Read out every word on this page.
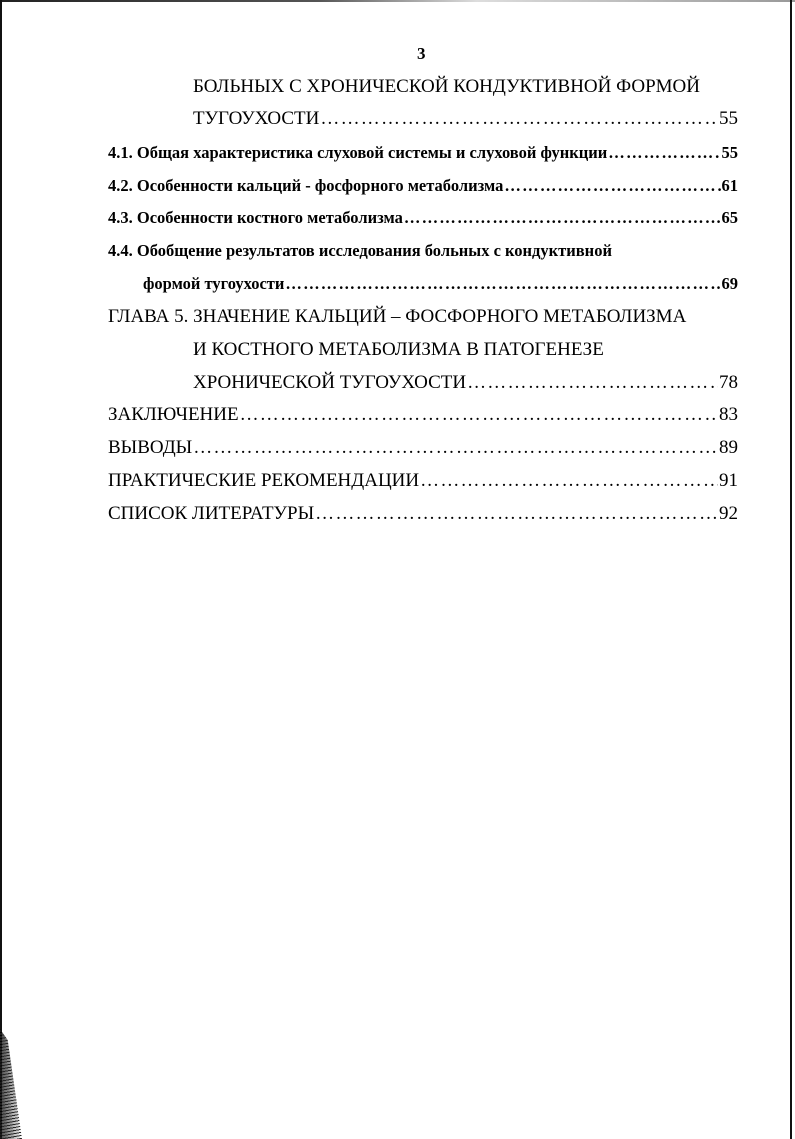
3
БОЛЬНЫХ С ХРОНИЧЕСКОЙ КОНДУКТИВНОЙ ФОРМОЙ
ТУГОУХОСТИ …………………………………………………………………………………………………………………………………………………………………………………………	55
4.1. Общая характеристика слуховой системы и слуховой функции …………………………………………………………………………………………………………………………………………………………………………………………	55
4.2. Особенности кальций - фосфорного метаболизма …………………………………………………………………………………………………………………………………………………………………………………………	61
4.3. Особенности костного метаболизма …………………………………………………………………………………………………………………………………………………………………………………………	65
4.4. Обобщение результатов исследования больных с кондуктивной
формой тугоухости …………………………………………………………………………………………………………………………………………………………………………………………	69
ГЛАВА 5. ЗНАЧЕНИЕ КАЛЬЦИЙ – ФОСФОРНОГО МЕТАБОЛИЗМА
И КОСТНОГО МЕТАБОЛИЗМА В ПАТОГЕНЕЗЕ
ХРОНИЧЕСКОЙ ТУГОУХОСТИ …………………………………………………………………………………………………………………………………………………………………………………………	78
ЗАКЛЮЧЕНИЕ …………………………………………………………………………………………………………………………………………………………………………………………	83
ВЫВОДЫ …………………………………………………………………………………………………………………………………………………………………………………………	89
ПРАКТИЧЕСКИЕ РЕКОМЕНДАЦИИ …………………………………………………………………………………………………………………………………………………………………………………………	91
СПИСОК ЛИТЕРАТУРЫ …………………………………………………………………………………………………………………………………………………………………………………………	92
